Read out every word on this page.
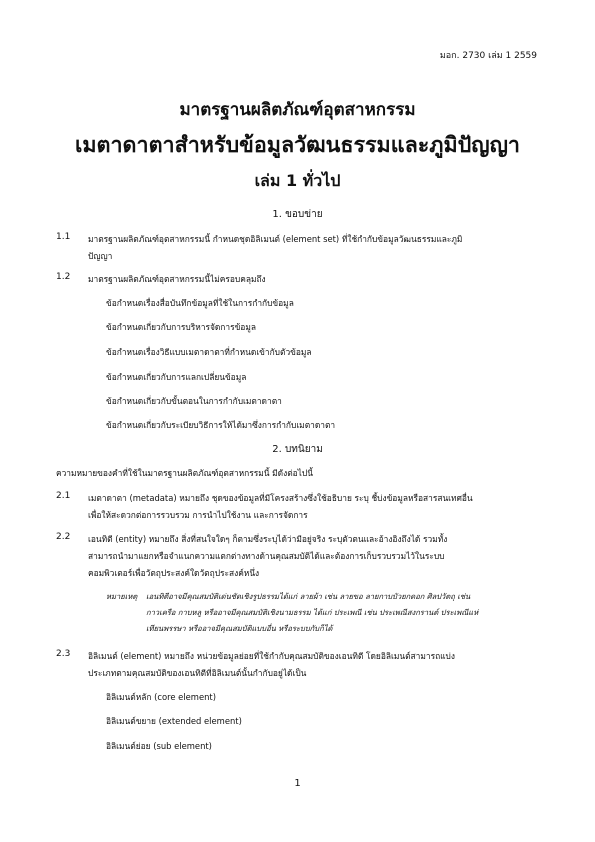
มอก. 2730 เล่ม 1 2559
มาตรฐานผลิตภัณฑ์อุตสาหกรรม
เมตาดาตาสำหรับข้อมูลวัฒนธรรมและภูมิปัญญา
เล่ม 1 ทั่วไป
1. ขอบข่าย
1.1 มาตรฐานผลิตภัณฑ์อุตสาหกรรมนี้ กำหนดชุดอิลิเมนต์ (element set) ที่ใช้กำกับข้อมูลวัฒนธรรมและภูมิ
ปัญญา
1.2 มาตรฐานผลิตภัณฑ์อุตสาหกรรมนี้ไม่ครอบคลุมถึง
ข้อกำหนดเรื่องสื่อบันทึกข้อมูลที่ใช้ในการกำกับข้อมูล
ข้อกำหนดเกี่ยวกับการบริหารจัดการข้อมูล
ข้อกำหนดเรื่องวิธีแบบเมตาดาตาที่กำหนดเข้ากับตัวข้อมูล
ข้อกำหนดเกี่ยวกับการแลกเปลี่ยนข้อมูล
ข้อกำหนดเกี่ยวกับขั้นตอนในการกำกับเมตาดาตา
ข้อกำหนดเกี่ยวกับระเบียบวิธีการให้ได้มาซึ่งการกำกับเมตาดาตา
2. บทนิยาม
ความหมายของคำที่ใช้ในมาตรฐานผลิตภัณฑ์อุตสาหกรรมนี้ มีดังต่อไปนี้
2.1 เมตาดาตา (metadata) หมายถึง ชุดของข้อมูลที่มีโครงสร้างซึ่งใช้อธิบาย ระบุ ชี้บ่งข้อมูลหรือสารสนเทศอื่น
เพื่อให้สะดวกต่อการรวบรวม การนำไปใช้งาน และการจัดการ
2.2 เอนทิตี (entity) หมายถึง สิ่งที่สนใจใดๆ ก็ตามซึ่งระบุได้ว่ามีอยู่จริง ระบุตัวตนและอ้างอิงถึงได้ รวมทั้ง
สามารถนำมาแยกหรือจำแนกความแตกต่างทางด้านคุณสมบัติได้และต้องการเก็บรวบรวมไว้ในระบบ
คอมพิวเตอร์เพื่อวัตถุประสงค์ใดวัตถุประสงค์หนึ่ง
หมายเหตุ เอนทิตีอาจมีคุณสมบัติเด่นชัดเชิงรูปธรรมได้แก่ ลายผ้า เช่น ลายขอ ลายกาบบัวยกดอก ศิลปวัตถุ เช่น
กาวเครือ กาบหลู หรืออาจมีคุณสมบัติเชิงนามธรรม ได้แก่ ประเพณี เช่น ประเพณีสงกรานต์ ประเพณีแห่
เทียนพรรษา หรืออาจมีคุณสมบัติแบบอื่น หรือระบบกับก็ได้
2.3 อิลิเมนต์ (element) หมายถึง หน่วยข้อมูลย่อยที่ใช้กำกับคุณสมบัติของเอนทิตี โดยอิลิเมนต์สามารถแบ่ง
ประเภทตามคุณสมบัติของเอนทิตีที่อิลิเมนต์นั้นกำกับอยู่ได้เป็น
อิลิเมนต์หลัก (core element)
อิลิเมนต์ขยาย (extended element)
อิลิเมนต์ย่อย (sub element)
1
